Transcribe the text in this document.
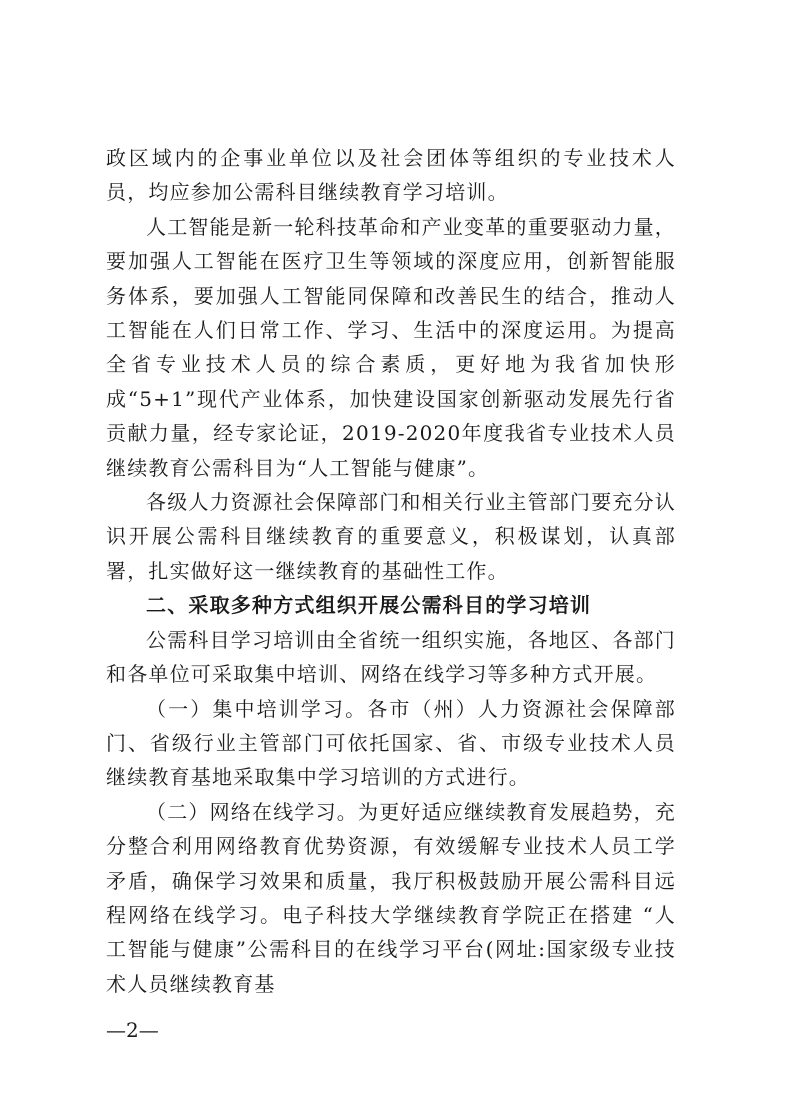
政区域内的企事业单位以及社会团体等组织的专业技术人员，均应参加公需科目继续教育学习培训。

人工智能是新一轮科技革命和产业变革的重要驱动力量，要加强人工智能在医疗卫生等领域的深度应用，创新智能服务体系，要加强人工智能同保障和改善民生的结合，推动人工智能在人们日常工作、学习、生活中的深度运用。为提高全省专业技术人员的综合素质，更好地为我省加快形成“5+1”现代产业体系，加快建设国家创新驱动发展先行省贡献力量，经专家论证，2019-2020年度我省专业技术人员继续教育公需科目为“人工智能与健康”。

各级人力资源社会保障部门和相关行业主管部门要充分认识开展公需科目继续教育的重要意义，积极谋划，认真部署，扎实做好这一继续教育的基础性工作。

二、采取多种方式组织开展公需科目的学习培训

公需科目学习培训由全省统一组织实施，各地区、各部门和各单位可采取集中培训、网络在线学习等多种方式开展。

（一）集中培训学习。各市（州）人力资源社会保障部门、省级行业主管部门可依托国家、省、市级专业技术人员继续教育基地采取集中学习培训的方式进行。

（二）网络在线学习。为更好适应继续教育发展趋势，充分整合利用网络教育优势资源，有效缓解专业技术人员工学矛盾，确保学习效果和质量，我厅积极鼓励开展公需科目远程网络在线学习。电子科技大学继续教育学院正在搭建 “人工智能与健康”公需科目的在线学习平台(网址:国家级专业技术人员继续教育基

—2—
